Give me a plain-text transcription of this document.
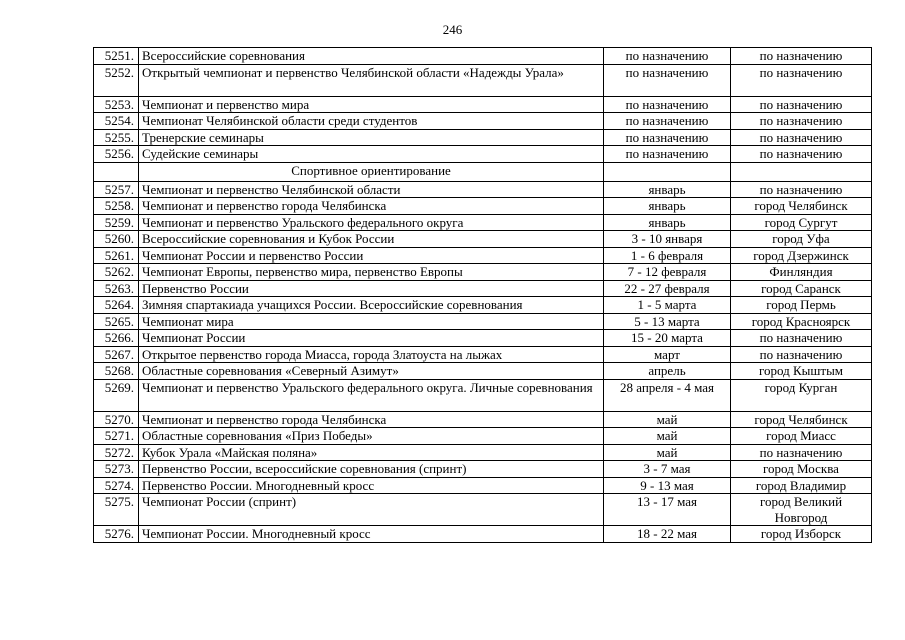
246
5251.	Всероссийские соревнования	по назначению	по назначению
5252.	Открытый чемпионат и первенство Челябинской области «Надежды Урала»	по назначению	по назначению
5253.	Чемпионат и первенство мира	по назначению	по назначению
5254.	Чемпионат Челябинской области среди студентов	по назначению	по назначению
5255.	Тренерские семинары	по назначению	по назначению
5256.	Судейские семинары	по назначению	по назначению
	Спортивное ориентирование		
5257.	Чемпионат и первенство Челябинской области	январь	по назначению
5258.	Чемпионат и первенство города Челябинска	январь	город Челябинск
5259.	Чемпионат и первенство Уральского федерального округа	январь	город Сургут
5260.	Всероссийские соревнования и Кубок России	3 - 10 января	город Уфа
5261.	Чемпионат России и первенство России	1 - 6 февраля	город Дзержинск
5262.	Чемпионат Европы, первенство мира, первенство Европы	7 - 12 февраля	Финляндия
5263.	Первенство России	22 - 27 февраля	город Саранск
5264.	Зимняя спартакиада учащихся России. Всероссийские соревнования	1 - 5 марта	город Пермь
5265.	Чемпионат мира	5 - 13 марта	город Красноярск
5266.	Чемпионат России	15 - 20 марта	по назначению
5267.	Открытое первенство города Миасса, города Златоуста на лыжах	март	по назначению
5268.	Областные соревнования «Северный Азимут»	апрель	город Кыштым
5269.	Чемпионат и первенство Уральского федерального округа. Личные соревнования	28 апреля - 4 мая	город Курган
5270.	Чемпионат и первенство города Челябинска	май	город Челябинск
5271.	Областные соревнования «Приз Победы»	май	город Миасс
5272.	Кубок Урала «Майская поляна»	май	по назначению
5273.	Первенство России, всероссийские соревнования (спринт)	3 - 7 мая	город Москва
5274.	Первенство России. Многодневный кросс	9 - 13 мая	город Владимир
5275.	Чемпионат России (спринт)	13 - 17 мая	город Великий Новгород
5276.	Чемпионат России. Многодневный кросс	18 - 22 мая	город Изборск
